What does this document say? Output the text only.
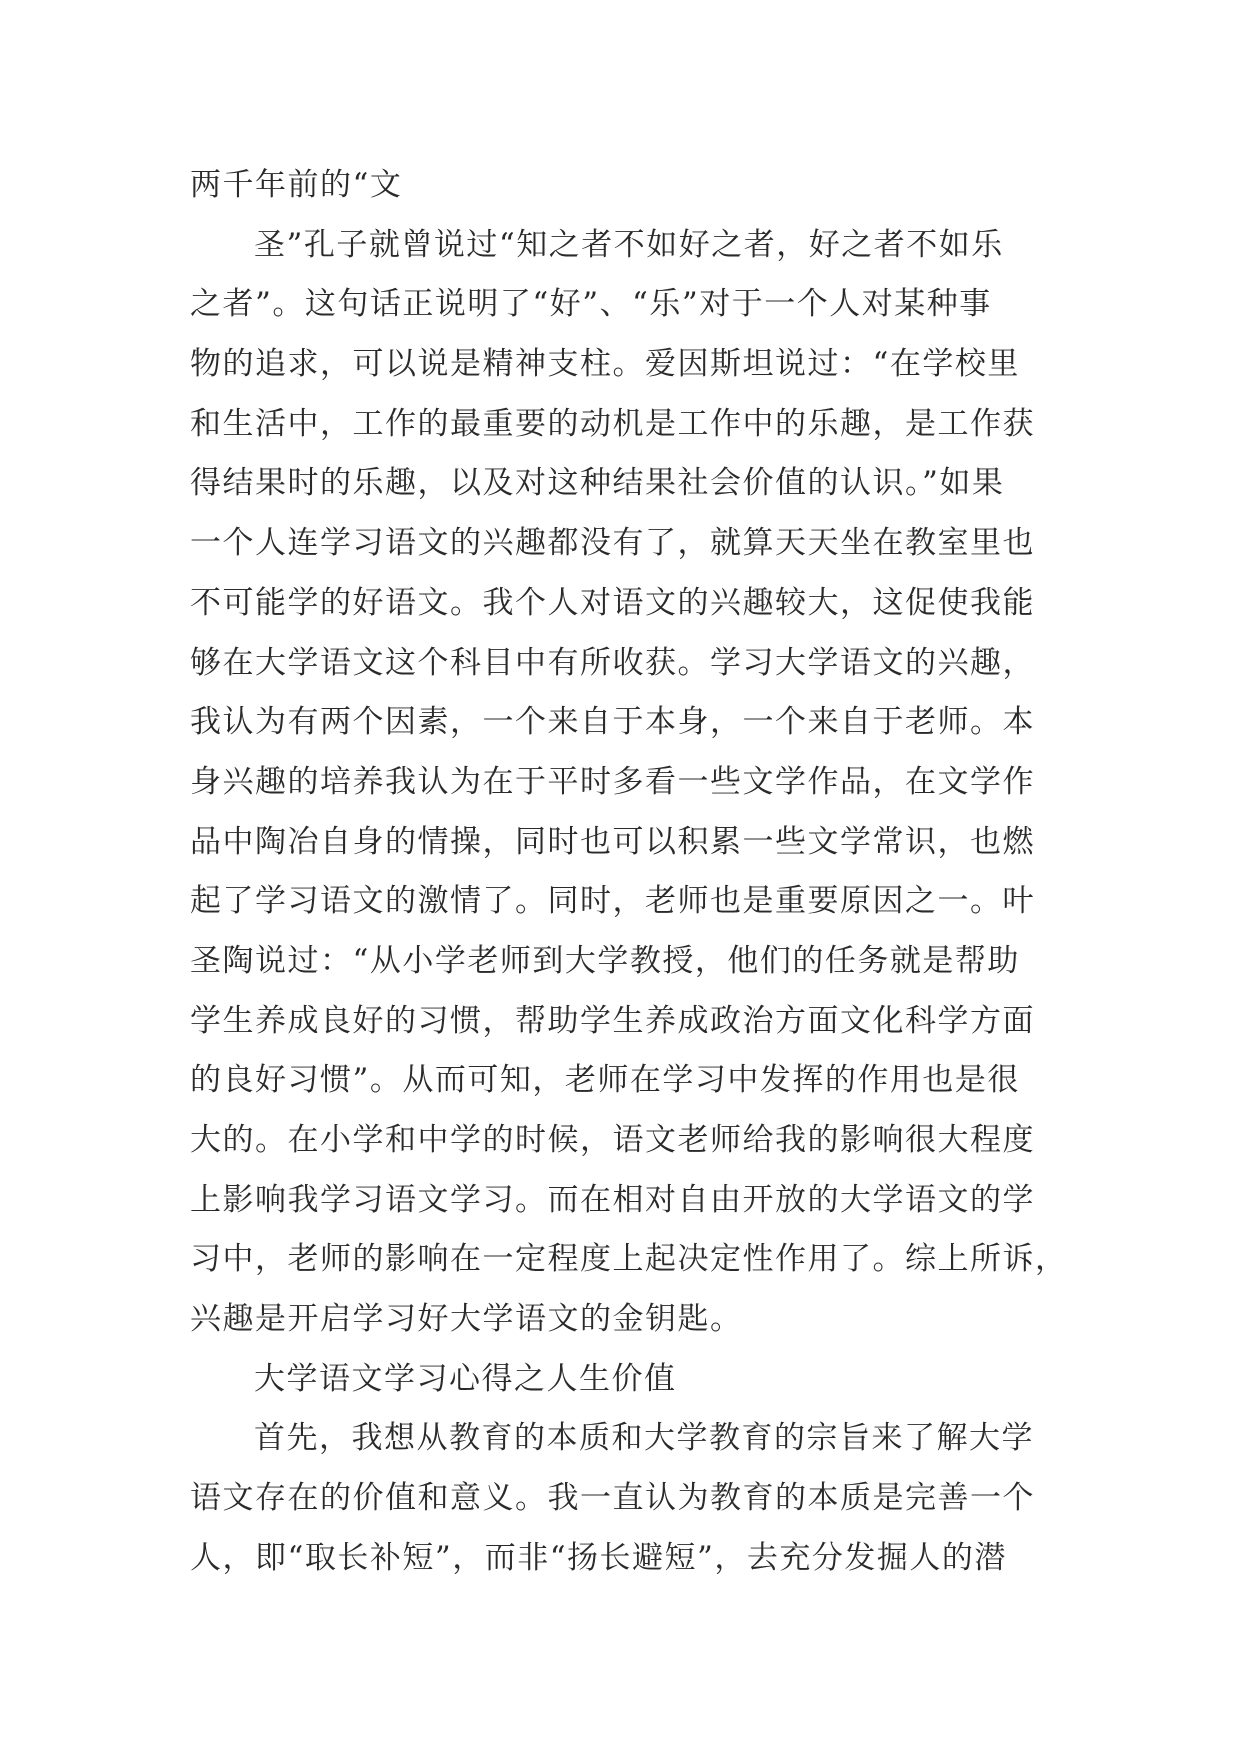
两千年前的“文
圣”孔子就曾说过“知之者不如好之者，好之者不如乐
之者”。这句话正说明了“好”、“乐”对于一个人对某种事
物的追求，可以说是精神支柱。爱因斯坦说过：“在学校里
和生活中，工作的最重要的动机是工作中的乐趣，是工作获
得结果时的乐趣，以及对这种结果社会价值的认识。”如果
一个人连学习语文的兴趣都没有了，就算天天坐在教室里也
不可能学的好语文。我个人对语文的兴趣较大，这促使我能
够在大学语文这个科目中有所收获。学习大学语文的兴趣，
我认为有两个因素，一个来自于本身，一个来自于老师。本
身兴趣的培养我认为在于平时多看一些文学作品，在文学作
品中陶冶自身的情操，同时也可以积累一些文学常识，也燃
起了学习语文的激情了。同时，老师也是重要原因之一。叶
圣陶说过：“从小学老师到大学教授，他们的任务就是帮助
学生养成良好的习惯，帮助学生养成政治方面文化科学方面
的良好习惯”。从而可知，老师在学习中发挥的作用也是很
大的。在小学和中学的时候，语文老师给我的影响很大程度
上影响我学习语文学习。而在相对自由开放的大学语文的学
习中，老师的影响在一定程度上起决定性作用了。综上所诉，
兴趣是开启学习好大学语文的金钥匙。
大学语文学习心得之人生价值
首先，我想从教育的本质和大学教育的宗旨来了解大学
语文存在的价值和意义。我一直认为教育的本质是完善一个
人，即“取长补短”，而非“扬长避短”，去充分发掘人的潜
